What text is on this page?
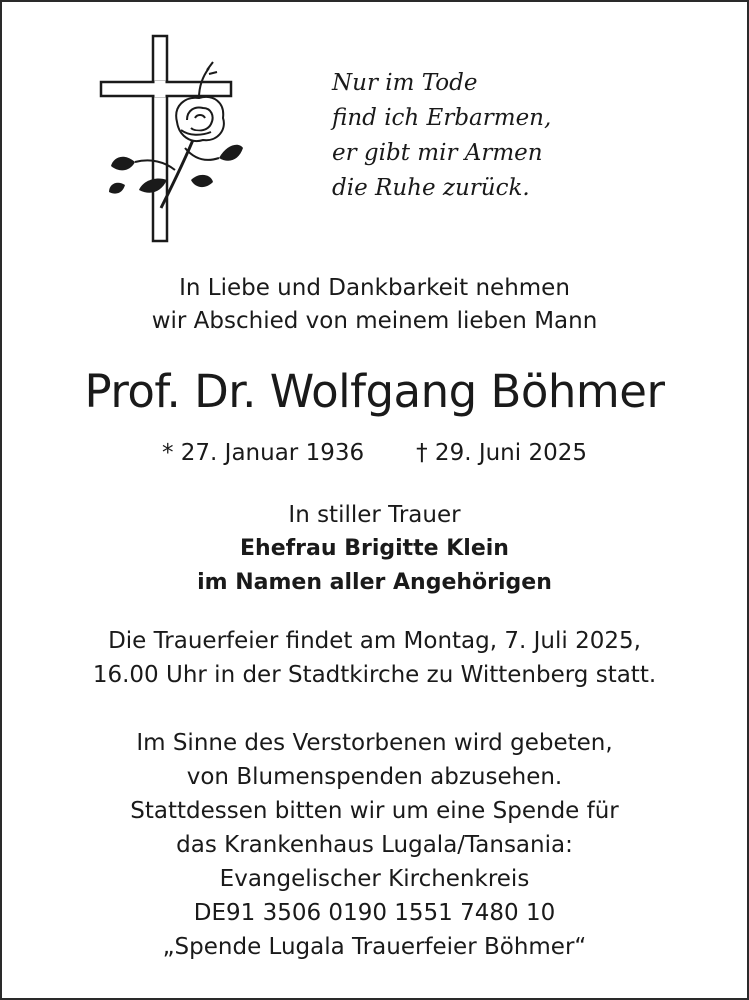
Nur im Tode
find ich Erbarmen,
er gibt mir Armen
die Ruhe zurück.
In Liebe und Dankbarkeit nehmen
wir Abschied von meinem lieben Mann
Prof. Dr. Wolfgang Böhmer
* 27. Januar 1936 † 29. Juni 2025
In stiller Trauer
Ehefrau Brigitte Klein
im Namen aller Angehörigen
Die Trauerfeier findet am Montag, 7. Juli 2025,
16.00 Uhr in der Stadtkirche zu Wittenberg statt.
Im Sinne des Verstorbenen wird gebeten,
von Blumenspenden abzusehen.
Stattdessen bitten wir um eine Spende für
das Krankenhaus Lugala/Tansania:
Evangelischer Kirchenkreis
DE91 3506 0190 1551 7480 10
„Spende Lugala Trauerfeier Böhmer“
